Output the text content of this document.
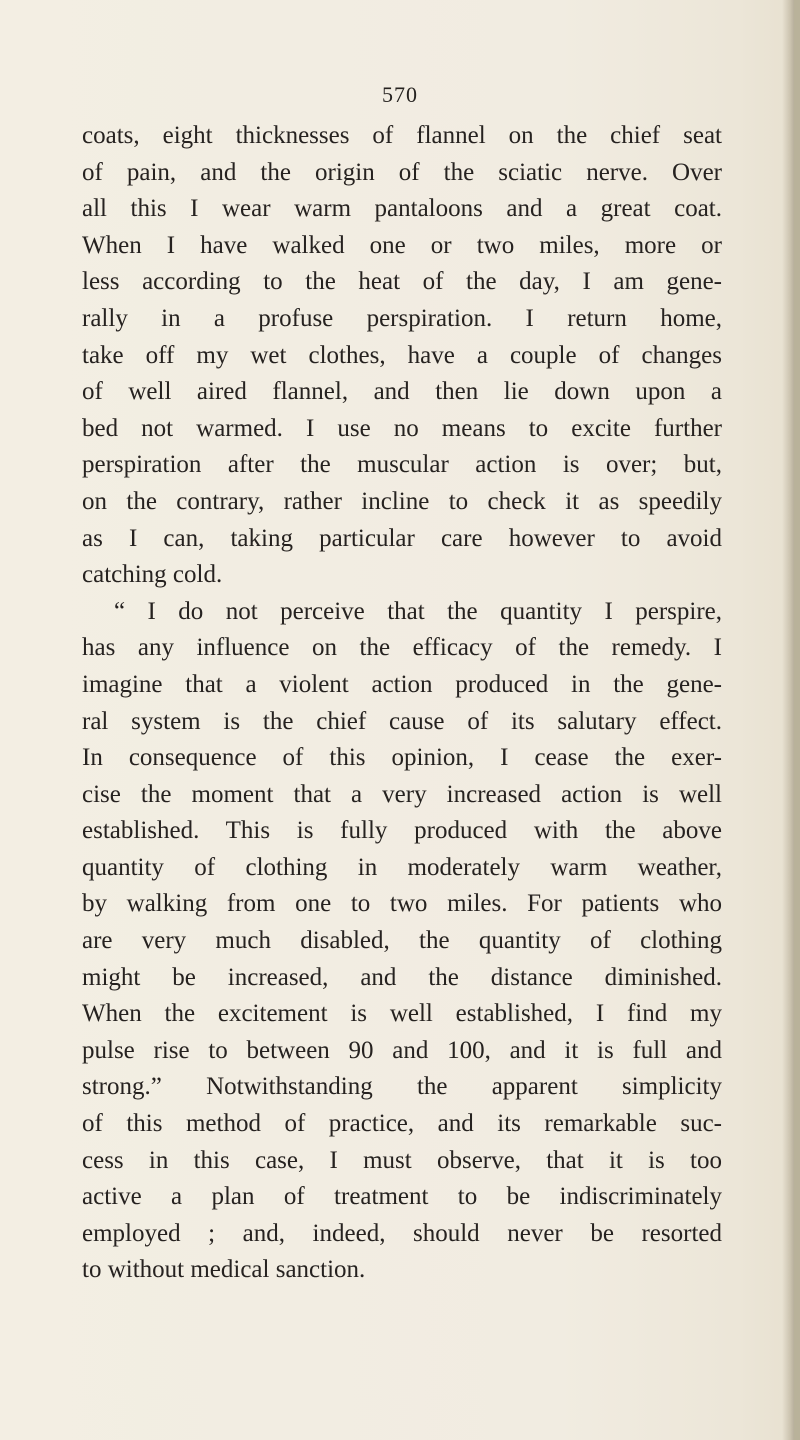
570
coats, eight thicknesses of flannel on the chief seat
of pain, and the origin of the sciatic nerve. Over
all this I wear warm pantaloons and a great coat.
When I have walked one or two miles, more or
less according to the heat of the day, I am gene-
rally in a profuse perspiration. I return home,
take off my wet clothes, have a couple of changes
of well aired flannel, and then lie down upon a
bed not warmed. I use no means to excite further
perspiration after the muscular action is over; but,
on the contrary, rather incline to check it as speedily
as I can, taking particular care however to avoid
catching cold.
“ I do not perceive that the quantity I perspire,
has any influence on the efficacy of the remedy. I
imagine that a violent action produced in the gene-
ral system is the chief cause of its salutary effect.
In consequence of this opinion, I cease the exer-
cise the moment that a very increased action is well
established. This is fully produced with the above
quantity of clothing in moderately warm weather,
by walking from one to two miles. For patients who
are very much disabled, the quantity of clothing
might be increased, and the distance diminished.
When the excitement is well established, I find my
pulse rise to between 90 and 100, and it is full and
strong.” Notwithstanding the apparent simplicity
of this method of practice, and its remarkable suc-
cess in this case, I must observe, that it is too
active a plan of treatment to be indiscriminately
employed ; and, indeed, should never be resorted
to without medical sanction.
